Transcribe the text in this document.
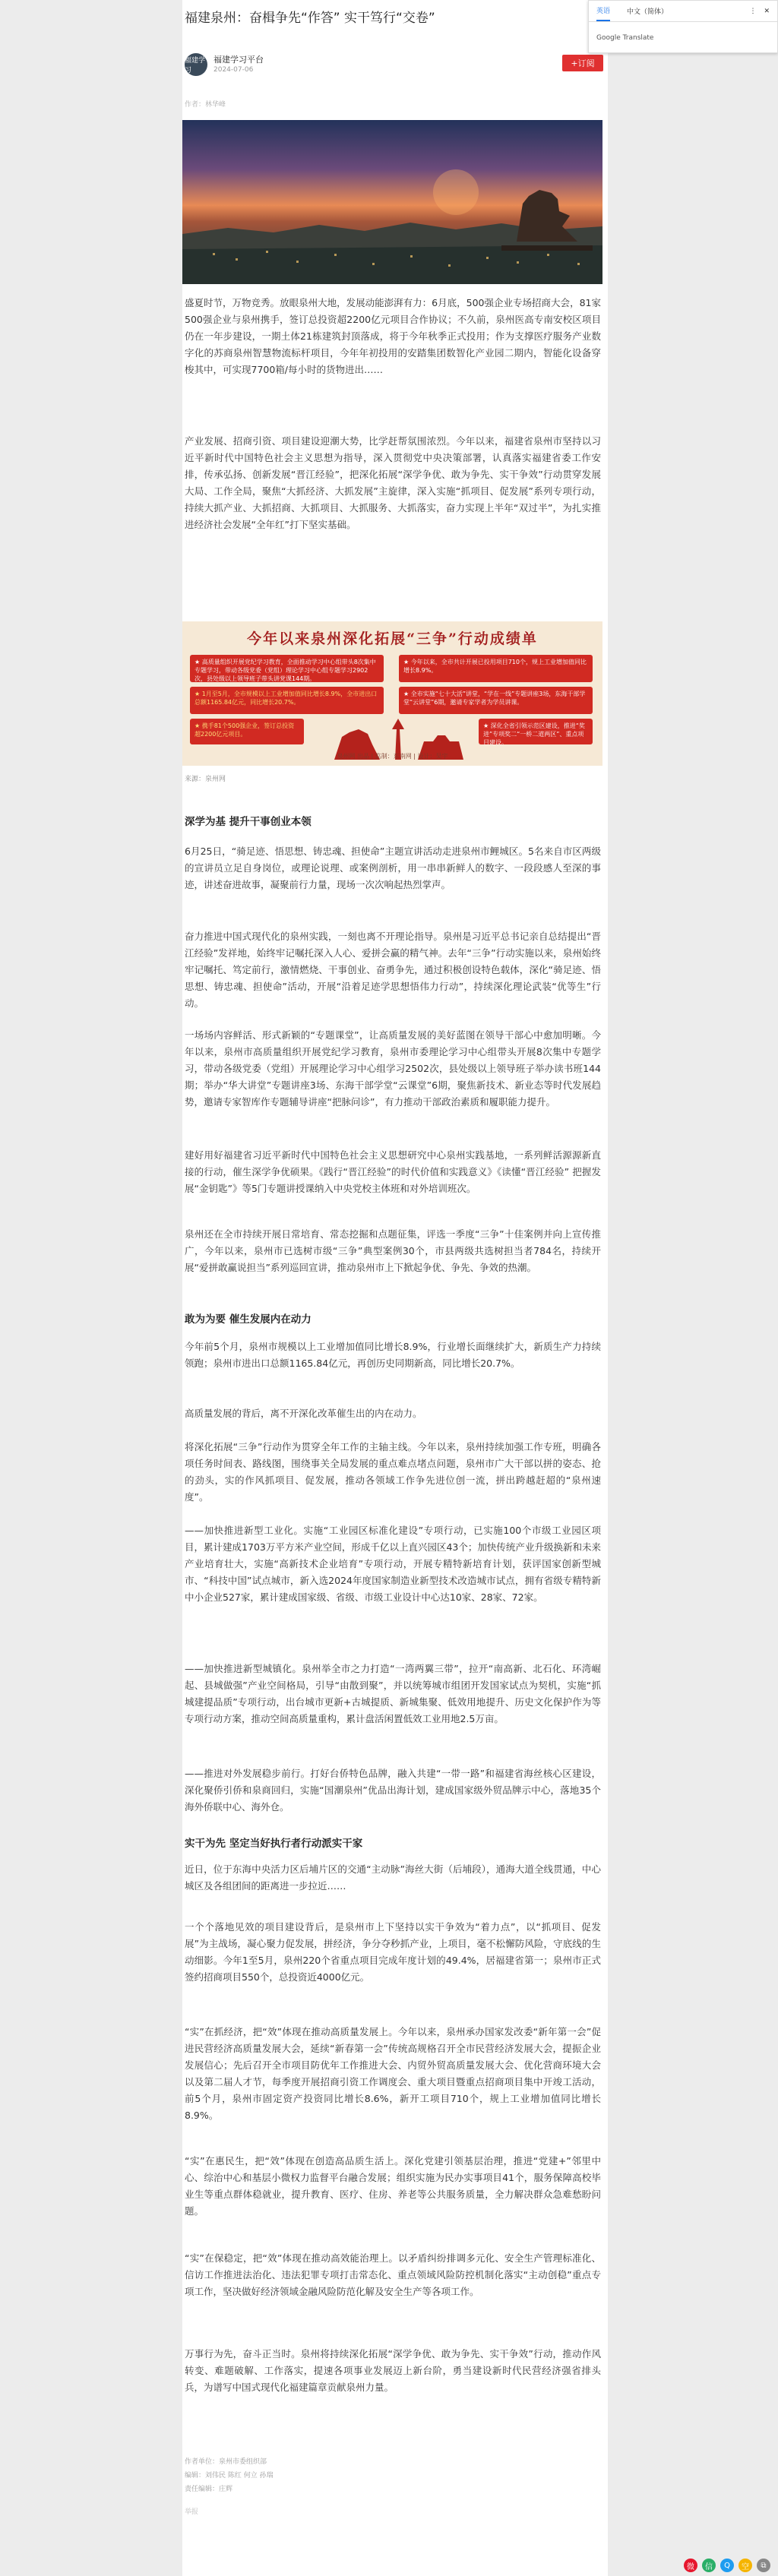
福建泉州：奋楫争先“作答” 实干笃行“交卷”
福建学习
福建学习平台
2024-07-06
+订阅
作者：林华峰
盛夏时节，万物竞秀。放眼泉州大地，发展动能澎湃有力：6月底，500强企业专场招商大会，81家500强企业与泉州携手，签订总投资超2200亿元项目合作协议；不久前，泉州医高专南安校区项目仍在一年步建设，一期土体21栋建筑封顶落成，将于今年秋季正式投用；作为支撑医疗服务产业数字化的苏商泉州智慧物流标杆项目，今年年初投用的安踏集团数智化产业园二期内，智能化设备穿梭其中，可实现7700箱/每小时的货物进出……
产业发展、招商引资、项目建设迎潮大势，比学赶帮氛围浓烈。今年以来，福建省泉州市坚持以习近平新时代中国特色社会主义思想为指导，深入贯彻党中央决策部署，认真落实福建省委工作安排，传承弘扬、创新发展“晋江经验”，把深化拓展“深学争优、敢为争先、实干争效”行动贯穿发展大局、工作全局，聚焦“大抓经济、大抓发展”主旋律，深入实施“抓项目、促发展”系列专项行动，持续大抓产业、大抓招商、大抓项目、大抓服务、大抓落实，奋力实现上半年“双过半”，为扎实推进经济社会发展“全年红”打下坚实基础。
今年以来泉州深化拓展“三争”行动成绩单
★ 高质量组织开展党纪学习教育，全面推动学习中心组带头8次集中专题学习，带动各级党委（党组）理论学习中心组专题学习2902次，县处级以上领导班子带头讲党课144期。
★ 1月至5月，全市规模以上工业增加值同比增长8.9%，全市进出口总额1165.84亿元，同比增长20.7%。
★ 今年以来，全市共计开展已投用项目710个，规上工业增加值同比增长8.9%。
★ 全市实施“七十大活”讲堂，“学在一线”专题讲座3场，东海干部学堂“云讲堂”6期，邀请专家学者为学员讲课。
★ 携手81个500强企业，签订总投资超2200亿元项目。
★ 深化全省引领示范区建设，推进“奖进”专项奖二“一桥二道两区”、重点项目建设。
泉州网 出品 | 监制：东南网 | 设计：吴宇
来源：泉州网
深学为基 提升干事创业本领
6月25日，“骑足迹、悟思想、铸忠魂、担使命”主题宣讲活动走进泉州市鲤城区。5名来自市区两级的宣讲员立足自身岗位，或理论说理、或案例剖析，用一串串新鲜人的数字、一段段感人至深的事迹，讲述奋进故事，凝聚前行力量，现场一次次响起热烈掌声。
奋力推进中国式现代化的泉州实践，一刻也离不开理论指导。泉州是习近平总书记亲自总结提出“晋江经验”发祥地，始终牢记嘱托深入人心、爱拼会赢的精气神。去年“三争”行动实施以来，泉州始终牢记嘱托、笃定前行，激情燃烧、干事创业、奋勇争先，通过积极创设特色载体，深化“骑足迹、悟思想、铸忠魂、担使命”活动，开展“沿着足迹学思想悟伟力行动”，持续深化理论武装“优等生”行动。
一场场内容鲜活、形式新颖的“专题课堂”，让高质量发展的美好蓝图在领导干部心中愈加明晰。今年以来，泉州市高质量组织开展党纪学习教育，泉州市委理论学习中心组带头开展8次集中专题学习，带动各级党委（党组）开展理论学习中心组学习2502次，县处级以上领导班子举办读书班144期；举办“华大讲堂”专题讲座3场、东海干部学堂“云课堂”6期，聚焦新技术、新业态等时代发展趋势，邀请专家智库作专题辅导讲座“把脉问诊”，有力推动干部政治素质和履职能力提升。
建好用好福建省习近平新时代中国特色社会主义思想研究中心泉州实践基地，一系列鲜活源源新直接的行动，催生深学争优硕果。《践行“晋江经验”的时代价值和实践意义》《读懂“晋江经验” 把握发展“金钥匙”》等5门专题讲授课纳入中央党校主体班和对外培训班次。
泉州还在全市持续开展日常培育、常态挖掘和点题征集，评选一季度“三争”十佳案例并向上宣传推广，今年以来，泉州市已选树市级“三争”典型案例30个，市县两级共选树担当者784名，持续开展“爱拼敢赢说担当”系列巡回宣讲，推动泉州市上下掀起争优、争先、争效的热潮。
敢为为要 催生发展内在动力
今年前5个月，泉州市规模以上工业增加值同比增长8.9%，行业增长面继续扩大，新质生产力持续领跑；泉州市进出口总额1165.84亿元，再创历史同期新高，同比增长20.7%。
高质量发展的背后，离不开深化改革催生出的内在动力。
将深化拓展“三争”行动作为贯穿全年工作的主轴主线。今年以来，泉州持续加强工作专班，明确各项任务时间表、路线图，围绕事关全局发展的重点难点堵点问题，泉州市广大干部以拼的姿态、抢的劲头，实的作风抓项目、促发展，推动各领域工作争先进位创一流，拼出跨越赶超的“泉州速度”。
——加快推进新型工业化。实施“工业园区标准化建设”专项行动，已实施100个市级工业园区项目，累计建成1703万平方米产业空间，形成千亿以上直兴园区43个；加快传统产业升级换新和未来产业培育壮大，实施“高新技术企业培育”专项行动，开展专精特新培育计划，获评国家创新型城市、“科技中国”试点城市，新入选2024年度国家制造业新型技术改造城市试点，拥有省级专精特新中小企业527家，累计建成国家级、省级、市级工业设计中心达10家、28家、72家。
——加快推进新型城镇化。泉州举全市之力打造“一湾两翼三带”，拉开“南高新、北石化、环湾崛起、县城做强”产业空间格局，引导“由散到聚”，并以统筹城市组团开发国家试点为契机，实施“抓城建提品质”专项行动，出台城市更新+古城提质、新城集聚、低效用地提升、历史文化保护作为等专项行动方案，推动空间高质量重构，累计盘活闲置低效工业用地2.5万亩。
——推进对外发展稳步前行。打好台侨特色品牌，融入共建“一带一路”和福建省海丝核心区建设，深化聚侨引侨和泉商回归，实施“国潮泉州”优品出海计划，建成国家级外贸品牌示中心，落地35个海外侨联中心、海外仓。
实干为先 坚定当好执行者行动派实干家
近日，位于东海中央活力区后埔片区的交通“主动脉”海丝大街（后埔段），通海大道全线贯通，中心城区及各组团间的距离进一步拉近……
一个个落地见效的项目建设背后，是泉州市上下坚持以实干争效为“着力点”，以“抓项目、促发展”为主战场，凝心聚力促发展，拼经济，争分夺秒抓产业，上项目，毫不松懈防风险，守底线的生动细影。今年1至5月，泉州220个省重点项目完成年度计划的49.4%，居福建省第一；泉州市正式签约招商项目550个，总投资近4000亿元。
“实”在抓经济，把“效”体现在推动高质量发展上。今年以来，泉州承办国家发改委“新年第一会”促进民营经济高质量发展大会，延续“新春第一会”传统高规格召开全市民营经济发展大会，提振企业发展信心；先后召开全市项目防优年工作推进大会、内贸外贸高质量发展大会、优化营商环境大会以及第二届人才节，每季度开展招商引资工作调度会、重大项目暨重点招商项目集中开竣工活动，前5个月，泉州市固定资产投资同比增长8.6%，新开工项目710个，规上工业增加值同比增长8.9%。
“实”在惠民生，把“效”体现在创造高品质生活上。深化党建引领基层治理，推进“党建+”邻里中心、综治中心和基层小微权力监督平台融合发展；组织实施为民办实事项目41个，服务保障高校毕业生等重点群体稳就业，提升教育、医疗、住房、养老等公共服务质量，全力解决群众急难愁盼问题。
“实”在保稳定，把“效”体现在推动高效能治理上。以矛盾纠纷排调多元化、安全生产管理标准化、信访工作推进法治化、违法犯罪专项打击常态化、重点领域风险防控机制化落实“主动创稳”重点专项工作，坚决做好经济领域金融风险防范化解及安全生产等各项工作。
万事行为先，奋斗正当时。泉州将持续深化拓展“深学争优、敢为争先、实干争效”行动，推动作风转变、难题破解、工作落实，提速各项事业发展迈上新台阶，勇当建设新时代民营经济强省排头兵，为谱写中国式现代化福建篇章贡献泉州力量。
作者单位：泉州市委组织部
编辑：刘伟民 陈红 何立 孙瑞
责任编辑：庄辉
举报
英语 中文（简体）	⋮ ✕
Google Translate
微	信	Q	空	⧉
